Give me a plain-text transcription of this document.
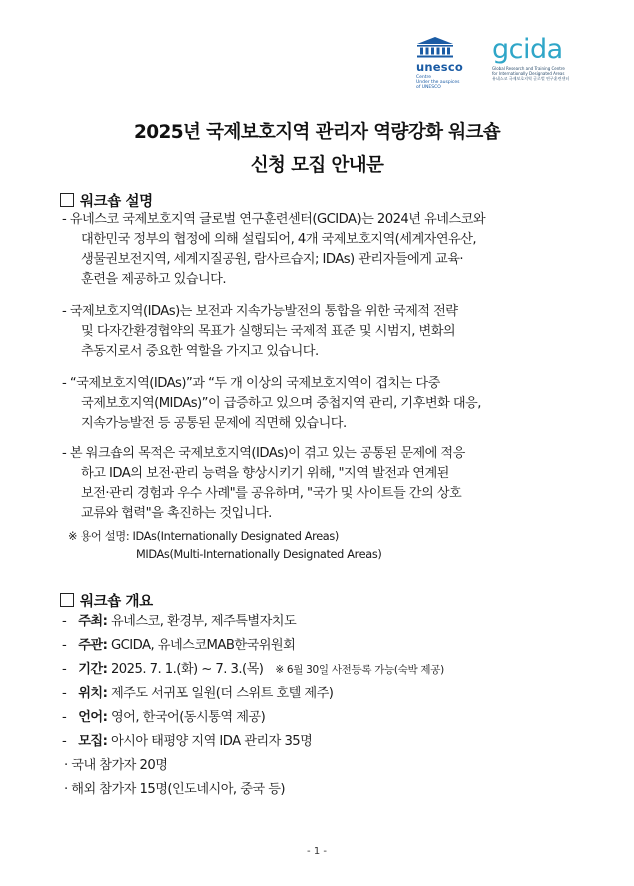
unesco
Centre
Under the auspices
of UNESCO
gcida
Global Research and Training Centre
for Internationally Designated Areas
유네스코 국제보호지역 글로벌 연구훈련센터
2025년 국제보호지역 관리자 역량강화 워크숍
신청 모집 안내문
워크숍 설명
- 유네스코 국제보호지역 글로벌 연구훈련센터(GCIDA)는 2024년 유네스코와
대한민국 정부의 협정에 의해 설립되어, 4개 국제보호지역(세계자연유산,
생물권보전지역, 세계지질공원, 람사르습지; IDAs) 관리자들에게 교육·
훈련을 제공하고 있습니다.
- 국제보호지역(IDAs)는 보전과 지속가능발전의 통합을 위한 국제적 전략
및 다자간환경협약의 목표가 실행되는 국제적 표준 및 시범지, 변화의
추동지로서 중요한 역할을 가지고 있습니다.
- “국제보호지역(IDAs)”과 “두 개 이상의 국제보호지역이 겹치는 다중
국제보호지역(MIDAs)”이 급증하고 있으며 중첩지역 관리, 기후변화 대응,
지속가능발전 등 공통된 문제에 직면해 있습니다.
- 본 워크숍의 목적은 국제보호지역(IDAs)이 겪고 있는 공통된 문제에 적응
하고 IDA의 보전·관리 능력을 향상시키기 위해, "지역 발전과 연계된
보전·관리 경험과 우수 사례"를 공유하며, "국가 및 사이트들 간의 상호
교류와 협력"을 촉진하는 것입니다.
※ 용어 설명: IDAs(Internationally Designated Areas)
MIDAs(Multi-Internationally Designated Areas)
워크숍 개요
- 주최: 유네스코, 환경부, 제주특별자치도
- 주관: GCIDA, 유네스코MAB한국위원회
- 기간: 2025. 7. 1.(화) ~ 7. 3.(목) ※ 6월 30일 사전등록 가능(숙박 제공)
- 위치: 제주도 서귀포 일원(더 스위트 호텔 제주)
- 언어: 영어, 한국어(동시통역 제공)
- 모집: 아시아 태평양 지역 IDA 관리자 35명
· 국내 참가자 20명
· 해외 참가자 15명(인도네시아, 중국 등)
- 1 -
